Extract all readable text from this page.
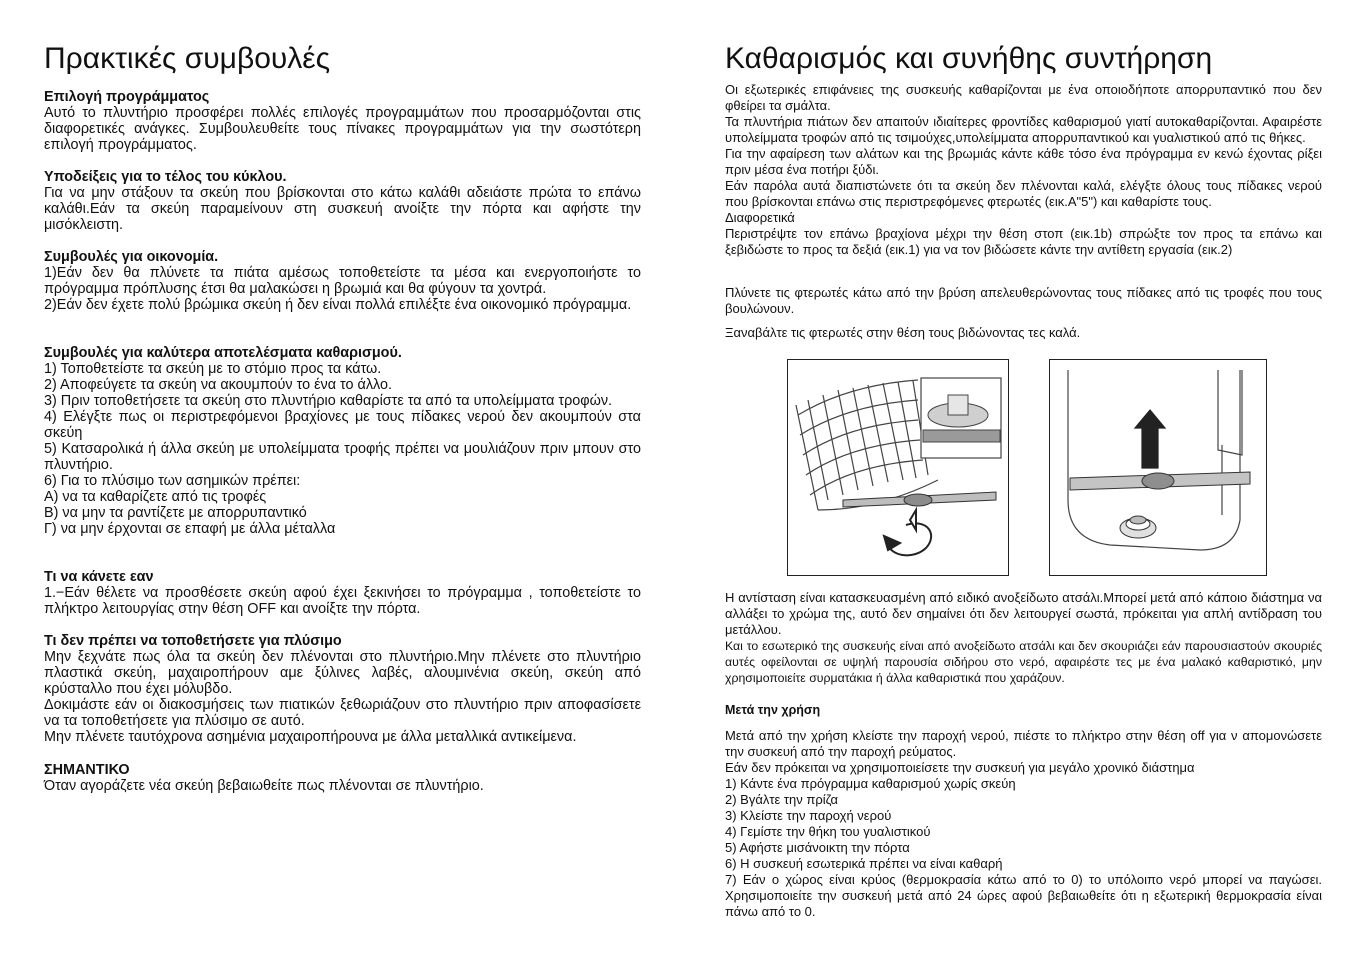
Πρακτικές συμβουλές
Επιλογή προγράμματος

Αυτό το πλυντήριο προσφέρει πολλές επιλογές προγραμμάτων που προσαρμόζονται στις διαφορετικές ανάγκες. Συμβουλευθείτε τους πίνακες προγραμμάτων για την σωστότερη επιλογή προγράμματος.

Υποδείξεις για το τέλος του κύκλου.

Για να μην στάξουν τα σκεύη που βρίσκονται στο κάτω καλάθι αδειάστε πρώτα το επάνω καλάθι.Εάν τα σκεύη παραμείνουν στη συσκευή ανοίξτε την πόρτα και αφήστε την μισόκλειστη.

Συμβουλές για οικονομία.

1)Εάν δεν θα πλύνετε τα πιάτα αμέσως τοποθετείστε τα μέσα και ενεργοποιήστε το πρόγραμμα πρόπλυσης έτσι θα μαλακώσει η βρωμιά και θα φύγουν τα χοντρά.

2)Εάν δεν έχετε πολύ βρώμικα σκεύη ή δεν είναι πολλά επιλέξτε ένα οικονομικό πρόγραμμα.

Συμβουλές για καλύτερα αποτελέσματα καθαρισμού.

1) Τοποθετείστε τα σκεύη με το στόμιο προς τα κάτω.

2) Αποφεύγετε τα σκεύη να ακουμπούν το ένα το άλλο.

3) Πριν τοποθετήσετε τα σκεύη στο πλυντήριο καθαρίστε τα από τα υπολείμματα τροφών.

4) Ελέγξτε πως οι περιστρεφόμενοι βραχίονες με τους πίδακες νερού δεν ακουμπούν στα σκεύη

5) Κατσαρολικά ή άλλα σκεύη με υπολείμματα τροφής πρέπει να μουλιάζουν πριν μπουν στο πλυντήριο.

6) Για το πλύσιμο των ασημικών πρέπει:

Α) να τα καθαρίζετε από τις τροφές

Β) να μην τα ραντίζετε με απορρυπαντικό

Γ) να μην έρχονται σε επαφή με άλλα μέταλλα

Τι να κάνετε εαν

1.−Εάν θέλετε να προσθέσετε σκεύη αφού έχει ξεκινήσει το πρόγραμμα , τοποθετείστε το πλήκτρο λειτουργίας στην θέση OFF και ανοίξτε την πόρτα.

Τι δεν πρέπει να τοποθετήσετε για πλύσιμο

Μην ξεχνάτε πως όλα τα σκεύη δεν πλένονται στο πλυντήριο.Μην πλένετε στο πλυντήριο πλαστικά σκεύη, μαχαιροπήρουν αμε ξύλινες λαβές, αλουμινένια σκεύη, σκεύη από κρύσταλλο που έχει μόλυβδο.

Δοκιμάστε εάν οι διακοσμήσεις των πιατικών ξεθωριάζουν στο πλυντήριο πριν αποφασίσετε να τα τοποθετήσετε για πλύσιμο σε αυτό.

Μην πλένετε ταυτόχρονα ασημένια μαχαιροπήρουνα με άλλα μεταλλικά αντικείμενα.

ΣΗΜΑΝΤΙΚΟ

Όταν αγοράζετε νέα σκεύη βεβαιωθείτε πως πλένονται σε πλυντήριο.

Καθαρισμός και συνήθης συντήρηση

Οι εξωτερικές επιφάνειες της συσκευής καθαρίζονται με ένα οποιοδήποτε απορρυπαντικό που δεν φθείρει τα σμάλτα.

Τα πλυντήρια πιάτων δεν απαιτούν ιδιαίτερες φροντίδες καθαρισμού γιατί αυτοκαθαρίζονται. Αφαιρέστε υπολείμματα τροφών από τις τσιμούχες,υπολείμματα απορρυπαντικού και γυαλιστικού από τις θήκες.

Για την αφαίρεση των αλάτων και της βρωμιάς κάντε κάθε τόσο ένα πρόγραμμα εν κενώ έχοντας ρίξει πριν μέσα ένα ποτήρι ξύδι.

Εάν παρόλα αυτά διαπιστώνετε ότι τα σκεύη δεν πλένονται καλά, ελέγξτε όλους τους πίδακες νερού που βρίσκονται επάνω στις περιστρεφόμενες φτερωτές (εικ.A"5") και καθαρίστε τους.

Διαφορετικά

Περιστρέψτε τον επάνω βραχίονα μέχρι την θέση στοπ (εικ.1b) σπρώξτε τον προς τα επάνω και ξεβιδώστε το προς τα δεξιά (εικ.1) για να τον βιδώσετε κάντε την αντίθετη εργασία (εικ.2)

Πλύνετε τις φτερωτές κάτω από την βρύση απελευθερώνοντας τους πίδακες από τις τροφές που τους βουλώνουν.

Ξαναβάλτε τις φτερωτές στην θέση τους βιδώνοντας τες καλά.

Η αντίσταση είναι κατασκευασμένη από ειδικό ανοξείδωτο ατσάλι.Μπορεί μετά από κάποιο διάστημα να αλλάξει το χρώμα της, αυτό δεν σημαίνει ότι δεν λειτουργεί σωστά, πρόκειται για απλή αντίδραση του μετάλλου.

Και το εσωτερικό της συσκευής είναι από ανοξείδωτο ατσάλι και δεν σκουριάζει εάν παρουσιαστούν σκουριές αυτές οφείλονται σε υψηλή παρουσία σιδήρου στο νερό, αφαιρέστε τες με ένα μαλακό καθαριστικό, μην χρησιμοποιείτε συρματάκια ή άλλα καθαριστικά που χαράζουν.

Μετά την χρήση

Μετά από την χρήση κλείστε την παροχή νερού, πιέστε το πλήκτρο στην θέση off για ν απομονώσετε την συσκευή από την παροχή ρεύματος.

Εάν δεν πρόκειται να χρησιμοποιείσετε την συσκευή για μεγάλο χρονικό διάστημα

1) Κάντε ένα πρόγραμμα καθαρισμού χωρίς σκεύη

2) Βγάλτε την πρίζα

3) Κλείστε την παροχή νερού

4) Γεμίστε την θήκη του γυαλιστικού

5) Αφήστε μισάνοικτη την πόρτα

6) Η συσκευή εσωτερικά πρέπει να είναι καθαρή

7) Εάν ο χώρος είναι κρύος (θερμοκρασία κάτω από το 0) το υπόλοιπο νερό μπορεί να παγώσει. Χρησιμοποιείτε την συσκευή μετά από 24 ώρες αφού βεβαιωθείτε ότι η εξωτερική θερμοκρασία είναι πάνω από το 0.
